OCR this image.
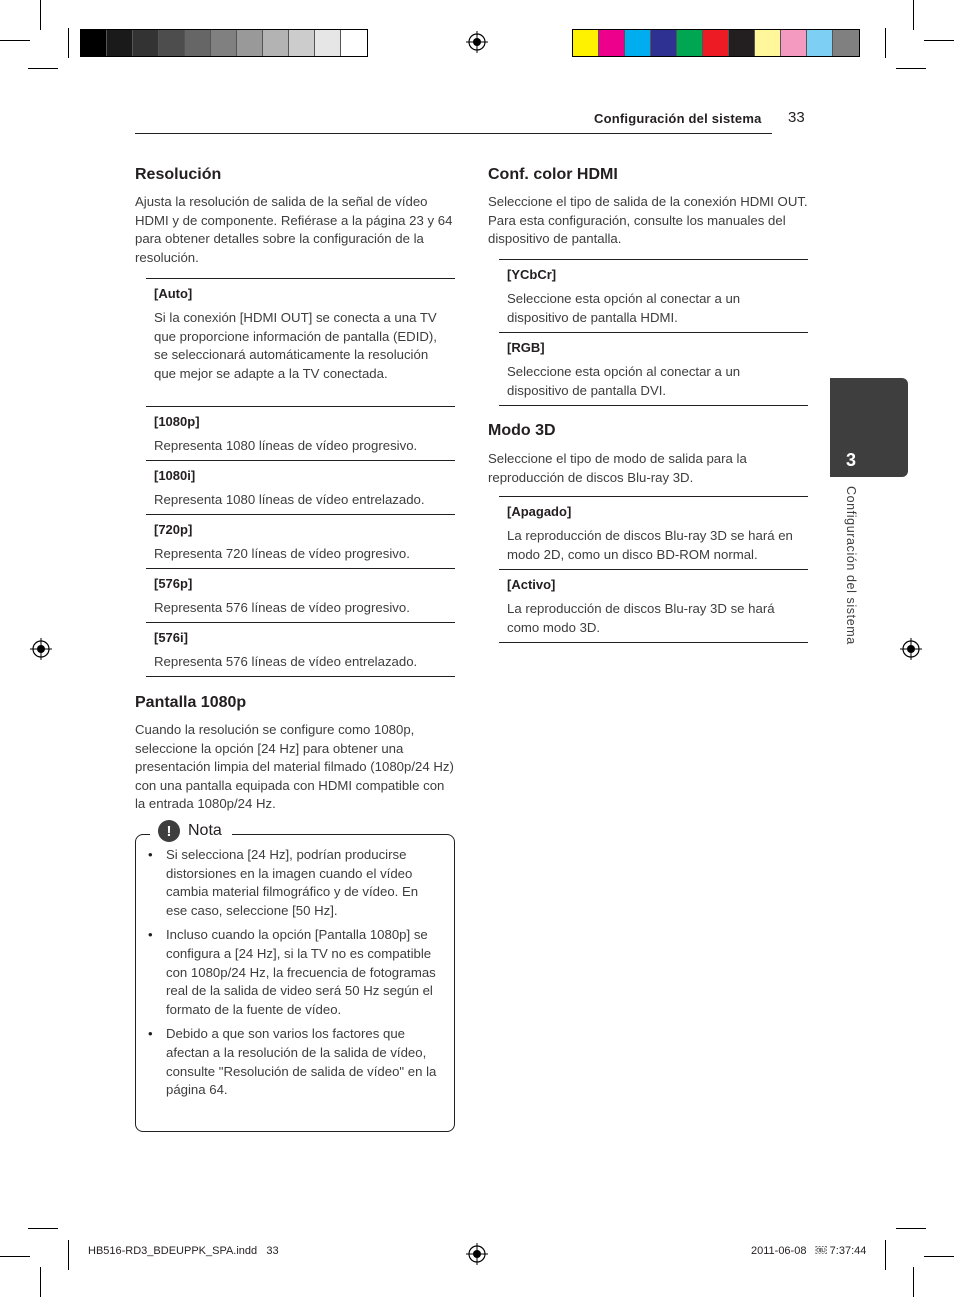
Configuración del sistema 33
3
Configuración del sistema
Resolución
Ajusta la resolución de salida de la señal de vídeo HDMI y de componente. Refiérase a la página 23 y 64 para obtener detalles sobre la configuración de la resolución.
[Auto]
Si la conexión [HDMI OUT] se conecta a una TV que proporcione información de pantalla (EDID), se seleccionará automáticamente la resolución que mejor se adapte a la TV conectada.
[1080p]
Representa 1080 líneas de vídeo progresivo.
[1080i]
Representa 1080 líneas de vídeo entrelazado.
[720p]
Representa 720 líneas de vídeo progresivo.
[576p]
Representa 576 líneas de vídeo progresivo.
[576i]
Representa 576 líneas de vídeo entrelazado.
Pantalla 1080p
Cuando la resolución se configure como 1080p, seleccione la opción [24 Hz] para obtener una presentación limpia del material filmado (1080p/24 Hz) con una pantalla equipada con HDMI compatible con la entrada 1080p/24 Hz.
!	Nota
• Si selecciona [24 Hz], podrían producirse distorsiones en la imagen cuando el vídeo cambia material filmográfico y de vídeo. En ese caso, seleccione [50 Hz].
• Incluso cuando la opción [Pantalla 1080p] se configura a [24 Hz], si la TV no es compatible con 1080p/24 Hz, la frecuencia de fotogramas real de la salida de video será 50 Hz según el formato de la fuente de vídeo.
• Debido a que son varios los factores que afectan a la resolución de la salida de vídeo, consulte "Resolución de salida de vídeo" en la página 64.
Conf. color HDMI
Seleccione el tipo de salida de la conexión HDMI OUT. Para esta configuración, consulte los manuales del dispositivo de pantalla.
[YCbCr]
Seleccione esta opción al conectar a un dispositivo de pantalla HDMI.
[RGB]
Seleccione esta opción al conectar a un dispositivo de pantalla DVI.
Modo 3D
Seleccione el tipo de modo de salida para la reproducción de discos Blu-ray 3D.
[Apagado]
La reproducción de discos Blu-ray 3D se hará en modo 2D, como un disco BD-ROM normal.
[Activo]
La reproducción de discos Blu-ray 3D se hará como modo 3D.
HB516-RD3_BDEUPPK_SPA.indd   33	2011-06-08   ￼ 7:37:44
